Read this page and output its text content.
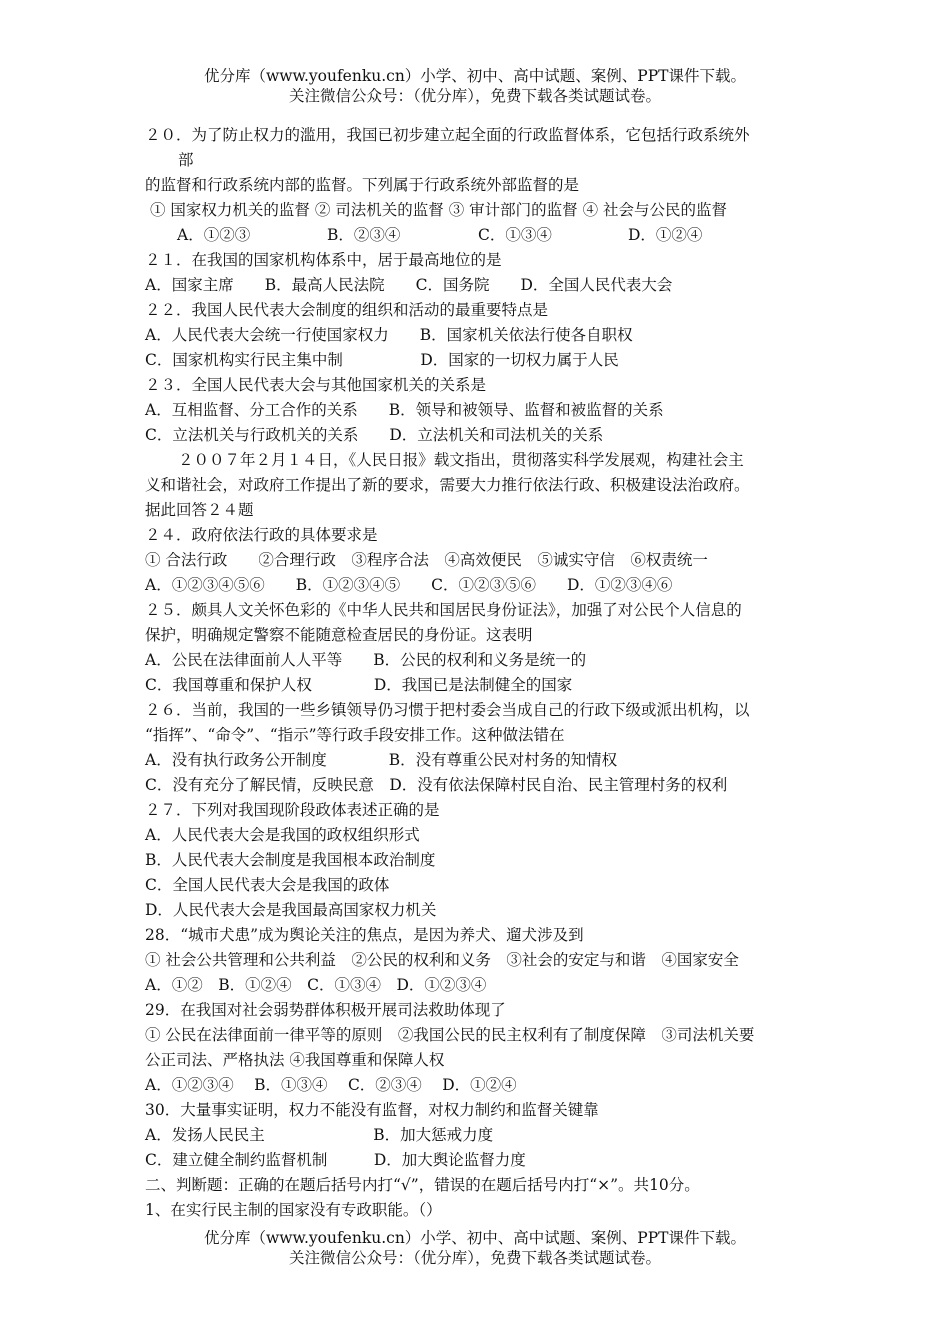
优分库（www.youfenku.cn）小学、初中、高中试题、案例、PPT课件下载。
关注微信公众号：（优分库），免费下载各类试题试卷。
２０．为了防止权力的滥用，我国已初步建立起全面的行政监督体系，它包括行政系统外
部
的监督和行政系统内部的监督。下列属于行政系统外部监督的是
① 国家权力机关的监督 ② 司法机关的监督 ③ 审计部门的监督 ④ 社会与公民的监督
A．①②③	B．②③④	C．①③④	D．①②④
２１．在我国的国家机构体系中，居于最高地位的是
A．国家主席　　B．最高人民法院　　C．国务院　　D．全国人民代表大会
２２．我国人民代表大会制度的组织和活动的最重要特点是
A．人民代表大会统一行使国家权力　　B．国家机关依法行使各自职权
C．国家机构实行民主集中制　　　　　D．国家的一切权力属于人民
２３．全国人民代表大会与其他国家机关的关系是
A．互相监督、分工合作的关系　　B．领导和被领导、监督和被监督的关系
C．立法机关与行政机关的关系　　D．立法机关和司法机关的关系
２００７年２月１４日，《人民日报》载文指出，贯彻落实科学发展观，构建社会主
义和谐社会，对政府工作提出了新的要求，需要大力推行依法行政、积极建设法治政府。
据此回答２４题
２４．政府依法行政的具体要求是
① 合法行政　　②合理行政　③程序合法　④高效便民　⑤诚实守信　⑥权责统一
A．①②③④⑤⑥　　B．①②③④⑤　　C．①②③⑤⑥　　D．①②③④⑥
２５．颇具人文关怀色彩的《中华人民共和国居民身份证法》，加强了对公民个人信息的
保护，明确规定警察不能随意检查居民的身份证。这表明
A．公民在法律面前人人平等　　B．公民的权利和义务是统一的
C．我国尊重和保护人权　　　　D．我国已是法制健全的国家
２６．当前，我国的一些乡镇领导仍习惯于把村委会当成自己的行政下级或派出机构，以
“指挥”、“命令”、“指示”等行政手段安排工作。这种做法错在
A．没有执行政务公开制度　　　　B．没有尊重公民对村务的知情权
C．没有充分了解民情，反映民意　D．没有依法保障村民自治、民主管理村务的权利
２７．下列对我国现阶段政体表述正确的是
A．人民代表大会是我国的政权组织形式
B．人民代表大会制度是我国根本政治制度
C．全国人民代表大会是我国的政体
D．人民代表大会是我国最高国家权力机关
28．“城市犬患”成为舆论关注的焦点，是因为养犬、遛犬涉及到
① 社会公共管理和公共利益　②公民的权利和义务　③社会的安定与和谐　④国家安全
A．①②　B．①②④　C．①③④　D．①②③④
29．在我国对社会弱势群体积极开展司法救助体现了
① 公民在法律面前一律平等的原则　②我国公民的民主权利有了制度保障　③司法机关要
公正司法、严格执法 ④我国尊重和保障人权
A．①②③④　 B．①③④　 C．②③④　 D．①②④
30．大量事实证明，权力不能没有监督，对权力制约和监督关键靠
A．发扬人民民主　　　　　　　B．加大惩戒力度
C．建立健全制约监督机制　　　D．加大舆论监督力度
二、判断题：正确的在题后括号内打“√”，错误的在题后括号内打“×”。共10分。
1、在实行民主制的国家没有专政职能。（）
优分库（www.youfenku.cn）小学、初中、高中试题、案例、PPT课件下载。
关注微信公众号：（优分库），免费下载各类试题试卷。
